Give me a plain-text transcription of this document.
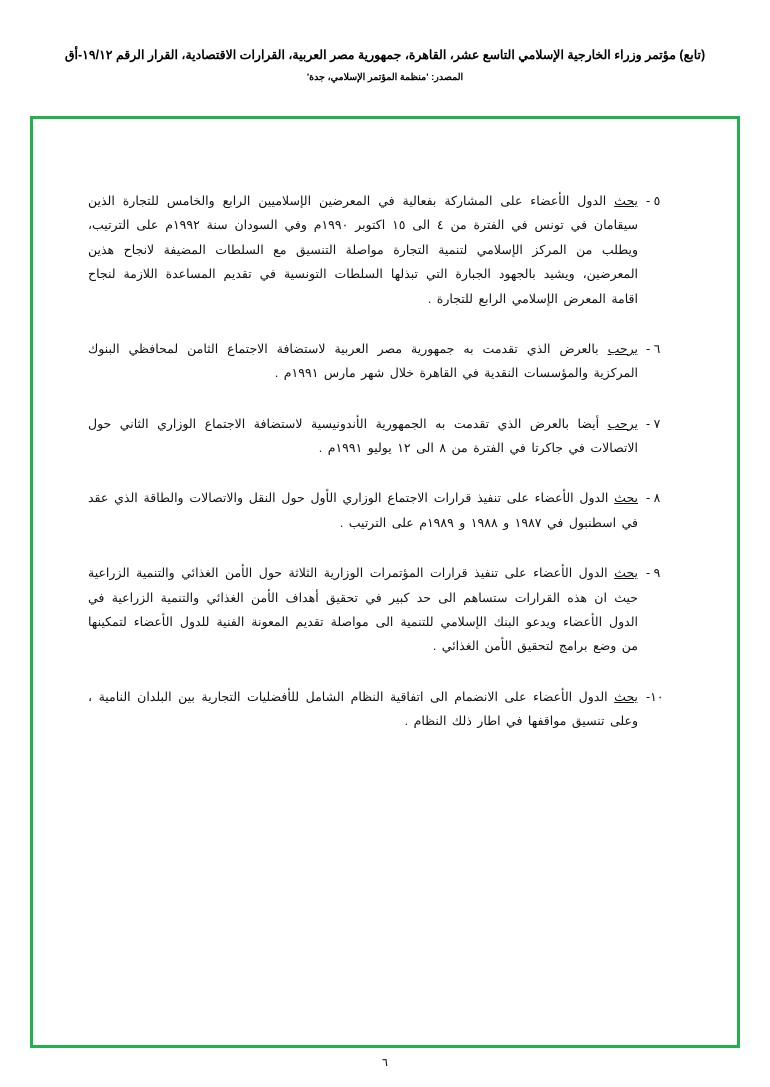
(تابع) مؤتمر وزراء الخارجية الإسلامي التاسع عشر، القاهرة، جمهورية مصر العربية، القرارات الاقتصادية، القرار الرقم ١٩/١٢-أق
المصدر: 'منظمة المؤتمر الإسلامي، جدة'
٥ -
يحث الدول الأعضاء على المشاركة بفعالية في المعرضين الإسلاميين الرابع والخامس للتجارة الذين سيقامان في تونس في الفترة من ٤ الى ١٥ اكتوبر ١٩٩٠م وفي السودان سنة ١٩٩٢م على الترتيب، ويطلب من المركز الإسلامي لتنمية التجارة مواصلة التنسيق مع السلطات المضيفة لانجاح هذين المعرضين، ويشيد بالجهود الجبارة التي تبذلها السلطات التونسية في تقديم المساعدة اللازمة لنجاح اقامة المعرض الإسلامي الرابع للتجارة .
٦ -
يرحب بالعرض الذي تقدمت به جمهورية مصر العربية لاستضافة الاجتماع الثامن لمحافظي البنوك المركزية والمؤسسات النقدية في القاهرة خلال شهر مارس ١٩٩١م .
٧ -
يرحب أيضا بالعرض الذي تقدمت به الجمهورية الأندونيسية لاستضافة الاجتماع الوزاري الثاني حول الاتصالات في جاكرتا في الفترة من ٨ الى ١٢ يوليو ١٩٩١م .
٨ -
يحث الدول الأعضاء على تنفيذ قرارات الاجتماع الوزاري الأول حول النقل والاتصالات والطاقة الذي عقد في اسطنبول في ١٩٨٧ و ١٩٨٨ و ١٩٨٩م على الترتيب .
٩ -
يحث الدول الأعضاء على تنفيذ قرارات المؤتمرات الوزارية الثلاثة حول الأمن الغذائي والتنمية الزراعية حيث ان هذه القرارات ستساهم الى حد كبير في تحقيق أهداف الأمن الغذائي والتنمية الزراعية في الدول الأعضاء ويدعو البنك الإسلامي للتنمية الى مواصلة تقديم المعونة الفنية للدول الأعضاء لتمكينها من وضع برامج لتحقيق الأمن الغذائي .
١٠-
يحث الدول الأعضاء على الانضمام الى اتفاقية النظام الشامل للأفضليات التجارية بين البلدان النامية ، وعلى تنسيق مواقفها في اطار ذلك النظام .
٦
